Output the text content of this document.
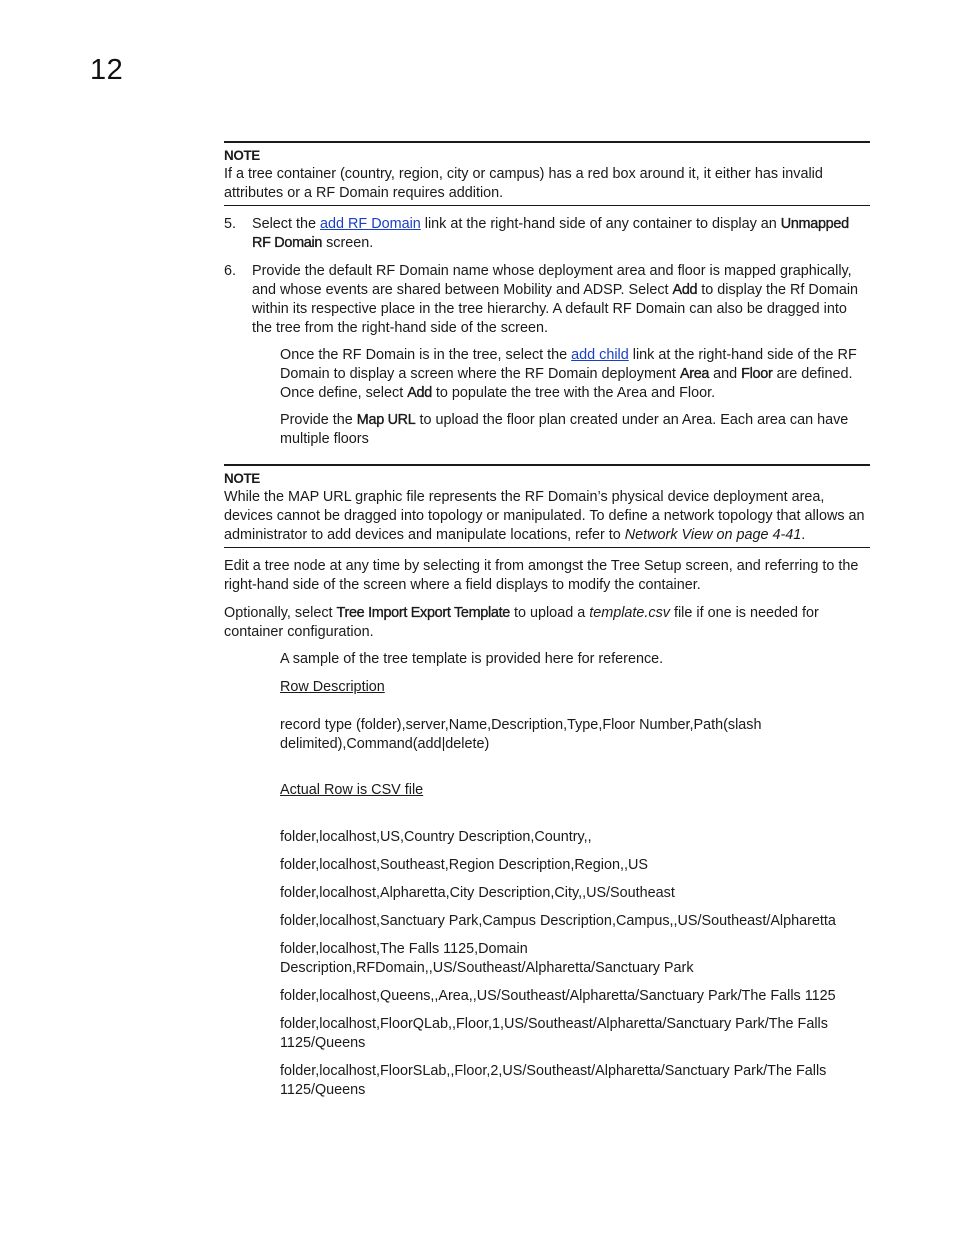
12
NOTE
If a tree container (country, region, city or campus) has a red box around it, it either has invalid attributes or a RF Domain requires addition.
5. Select the add RF Domain link at the right-hand side of any container to display an Unmapped RF Domain screen.
6. Provide the default RF Domain name whose deployment area and floor is mapped graphically, and whose events are shared between Mobility and ADSP. Select Add to display the Rf Domain within its respective place in the tree hierarchy. A default RF Domain can also be dragged into the tree from the right-hand side of the screen.
Once the RF Domain is in the tree, select the add child link at the right-hand side of the RF Domain to display a screen where the RF Domain deployment Area and Floor are defined. Once define, select Add to populate the tree with the Area and Floor.
Provide the Map URL to upload the floor plan created under an Area. Each area can have multiple floors
NOTE
While the MAP URL graphic file represents the RF Domain’s physical device deployment area, devices cannot be dragged into topology or manipulated. To define a network topology that allows an administrator to add devices and manipulate locations, refer to Network View on page 4-41.
Edit a tree node at any time by selecting it from amongst the Tree Setup screen, and referring to the right-hand side of the screen where a field displays to modify the container.
Optionally, select Tree Import Export Template to upload a template.csv file if one is needed for container configuration.
A sample of the tree template is provided here for reference.
Row Description
record type (folder),server,Name,Description,Type,Floor Number,Path(slash delimited),Command(add|delete)
Actual Row is CSV file
folder,localhost,US,Country Description,Country,,
folder,localhost,Southeast,Region Description,Region,,US
folder,localhost,Alpharetta,City Description,City,,US/Southeast
folder,localhost,Sanctuary Park,Campus Description,Campus,,US/Southeast/Alpharetta
folder,localhost,The Falls 1125,Domain Description,RFDomain,,US/Southeast/Alpharetta/Sanctuary Park
folder,localhost,Queens,,Area,,US/Southeast/Alpharetta/Sanctuary Park/The Falls 1125
folder,localhost,FloorQLab,,Floor,1,US/Southeast/Alpharetta/Sanctuary Park/The Falls 1125/Queens
folder,localhost,FloorSLab,,Floor,2,US/Southeast/Alpharetta/Sanctuary Park/The Falls 1125/Queens
